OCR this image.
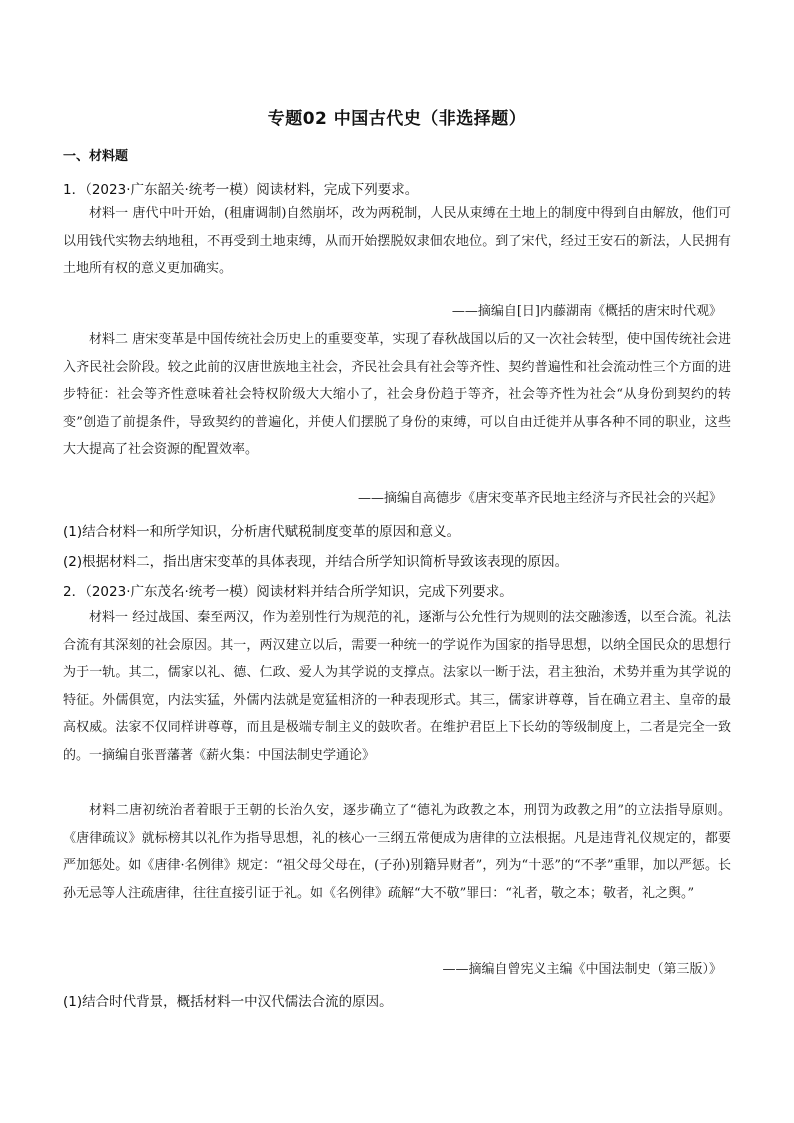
专题02 中国古代史（非选择题）
一、材料题
1．（2023·广东韶关·统考一模）阅读材料，完成下列要求。

材料一 唐代中叶开始，(租庸调制)自然崩坏，改为两税制，人民从束缚在土地上的制度中得到自由解放，他们可以用钱代实物去纳地租，不再受到土地束缚，从而开始摆脱奴隶佃农地位。到了宋代，经过王安石的新法，人民拥有土地所有权的意义更加确实。

——摘编自[日]内藤湖南《概括的唐宋时代观》

材料二 唐宋变革是中国传统社会历史上的重要变革，实现了春秋战国以后的又一次社会转型，使中国传统社会进入齐民社会阶段。较之此前的汉唐世族地主社会，齐民社会具有社会等齐性、契约普遍性和社会流动性三个方面的进步特征：社会等齐性意味着社会特权阶级大大缩小了，社会身份趋于等齐，社会等齐性为社会“从身份到契约的转变”创造了前提条件，导致契约的普遍化，并使人们摆脱了身份的束缚，可以自由迁徙并从事各种不同的职业，这些大大提高了社会资源的配置效率。

——摘编自高德步《唐宋变革齐民地主经济与齐民社会的兴起》
(1)结合材料一和所学知识，分析唐代赋税制度变革的原因和意义。
(2)根据材料二，指出唐宋变革的具体表现，并结合所学知识简析导致该表现的原因。
2．（2023·广东茂名·统考一模）阅读材料并结合所学知识，完成下列要求。

材料一 经过战国、秦至两汉，作为差别性行为规范的礼，逐渐与公允性行为规则的法交融渗透，以至合流。礼法合流有其深刻的社会原因。其一，两汉建立以后，需要一种统一的学说作为国家的指导思想，以纳全国民众的思想行为于一轨。其二，儒家以礼、德、仁政、爱人为其学说的支撑点。法家以一断于法，君主独治，术势并重为其学说的特征。外儒俱宽，内法实猛，外儒内法就是宽猛相济的一种表现形式。其三，儒家讲尊尊，旨在确立君主、皇帝的最高权威。法家不仅同样讲尊尊，而且是极端专制主义的鼓吹者。在维护君臣上下长幼的等级制度上，二者是完全一致的。一摘编自张晋藩著《薪火集：中国法制史学通论》

材料二唐初统治者着眼于王朝的长治久安，逐步确立了“德礼为政教之本，刑罚为政教之用”的立法指导原则。《唐律疏议》就标榜其以礼作为指导思想，礼的核心一三纲五常便成为唐律的立法根据。凡是违背礼仪规定的，都要严加惩处。如《唐律·名例律》规定：“祖父母父母在，(子孙)别籍异财者”，列为“十恶”的“不孝”重罪，加以严惩。长孙无忌等人注疏唐律，往往直接引证于礼。如《名例律》疏解“大不敬”罪曰：“礼者，敬之本；敬者，礼之舆。”

——摘编自曾宪义主编《中国法制史（第三版）》
(1)结合时代背景，概括材料一中汉代儒法合流的原因。
